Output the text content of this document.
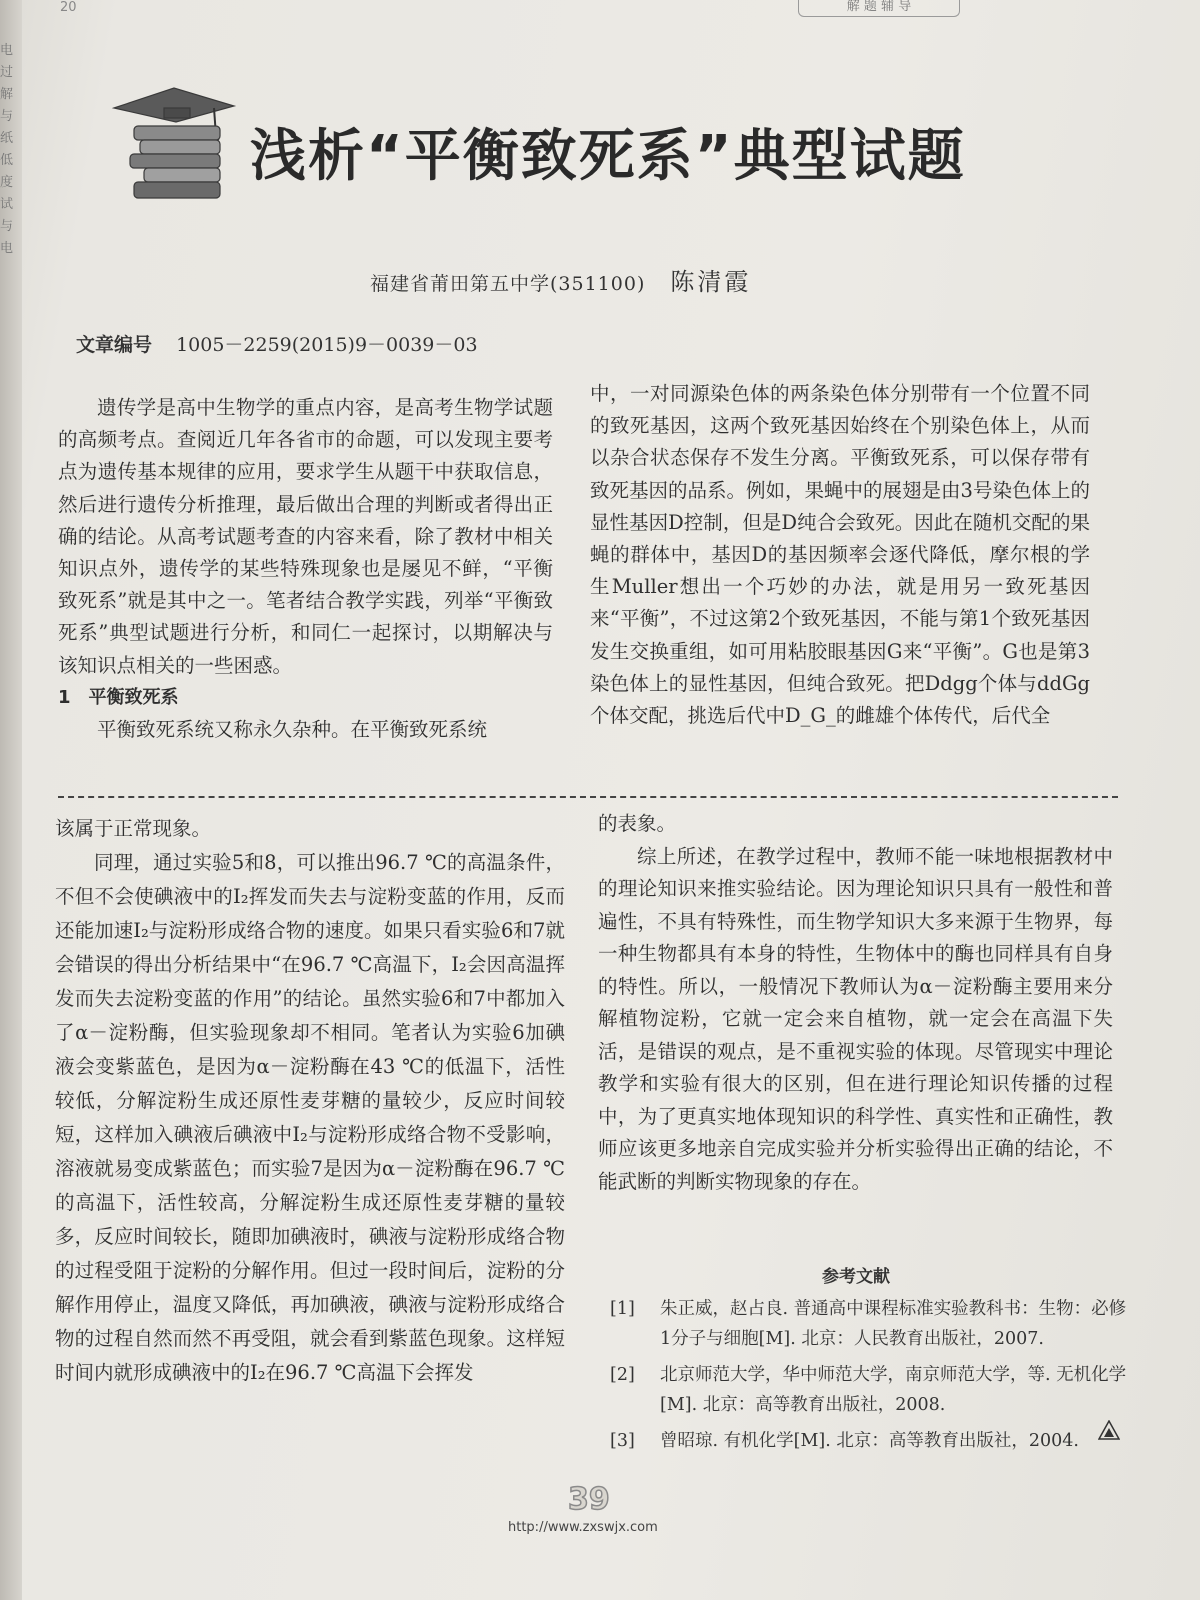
电过解与纸低度试与电
20	解 题 辅 导
浅析“平衡致死系”典型试题
福建省莆田第五中学(351100) 陈清霞
文章编号 1005－2259(2015)9－0039－03

遗传学是高中生物学的重点内容，是高考生物学试题的高频考点。查阅近几年各省市的命题，可以发现主要考点为遗传基本规律的应用，要求学生从题干中获取信息，然后进行遗传分析推理，最后做出合理的判断或者得出正确的结论。从高考试题考查的内容来看，除了教材中相关知识点外，遗传学的某些特殊现象也是屡见不鲜，“平衡致死系”就是其中之一。笔者结合教学实践，列举“平衡致死系”典型试题进行分析，和同仁一起探讨，以期解决与该知识点相关的一些困惑。

1　平衡致死系

平衡致死系统又称永久杂种。在平衡致死系统

中，一对同源染色体的两条染色体分别带有一个位置不同的致死基因，这两个致死基因始终在个别染色体上，从而以杂合状态保存不发生分离。平衡致死系，可以保存带有致死基因的品系。例如，果蝇中的展翅是由3号染色体上的显性基因D控制，但是D纯合会致死。因此在随机交配的果蝇的群体中，基因D的基因频率会逐代降低，摩尔根的学生Muller想出一个巧妙的办法，就是用另一致死基因来“平衡”，不过这第2个致死基因，不能与第1个致死基因发生交换重组，如可用粘胶眼基因G来“平衡”。G也是第3染色体上的显性基因，但纯合致死。把Ddgg个体与ddGg个体交配，挑选后代中D_G_的雌雄个体传代，后代全

该属于正常现象。

同理，通过实验5和8，可以推出96.7 ℃的高温条件，不但不会使碘液中的I₂挥发而失去与淀粉变蓝的作用，反而还能加速I₂与淀粉形成络合物的速度。如果只看实验6和7就会错误的得出分析结果中“在96.7 ℃高温下，I₂会因高温挥发而失去淀粉变蓝的作用”的结论。虽然实验6和7中都加入了α－淀粉酶，但实验现象却不相同。笔者认为实验6加碘液会变紫蓝色，是因为α－淀粉酶在43 ℃的低温下，活性较低，分解淀粉生成还原性麦芽糖的量较少，反应时间较短，这样加入碘液后碘液中I₂与淀粉形成络合物不受影响，溶液就易变成紫蓝色；而实验7是因为α－淀粉酶在96.7 ℃的高温下，活性较高，分解淀粉生成还原性麦芽糖的量较多，反应时间较长，随即加碘液时，碘液与淀粉形成络合物的过程受阻于淀粉的分解作用。但过一段时间后，淀粉的分解作用停止，温度又降低，再加碘液，碘液与淀粉形成络合物的过程自然而然不再受阻，就会看到紫蓝色现象。这样短时间内就形成碘液中的I₂在96.7 ℃高温下会挥发

的表象。

综上所述，在教学过程中，教师不能一味地根据教材中的理论知识来推实验结论。因为理论知识只具有一般性和普遍性，不具有特殊性，而生物学知识大多来源于生物界，每一种生物都具有本身的特性，生物体中的酶也同样具有自身的特性。所以，一般情况下教师认为α－淀粉酶主要用来分解植物淀粉，它就一定会来自植物，就一定会在高温下失活，是错误的观点，是不重视实验的体现。尽管现实中理论教学和实验有很大的区别，但在进行理论知识传播的过程中，为了更真实地体现知识的科学性、真实性和正确性，教师应该更多地亲自完成实验并分析实验得出正确的结论，不能武断的判断实物现象的存在。

参考文献
[1]	朱正威，赵占良. 普通高中课程标准实验教科书：生物：必修1分子与细胞[M]. 北京：人民教育出版社，2007.
[2]	北京师范大学，华中师范大学，南京师范大学，等. 无机化学[M]. 北京：高等教育出版社，2008.
[3]	曾昭琼. 有机化学[M]. 北京：高等教育出版社，2004.
39
http://www.zxswjx.com
